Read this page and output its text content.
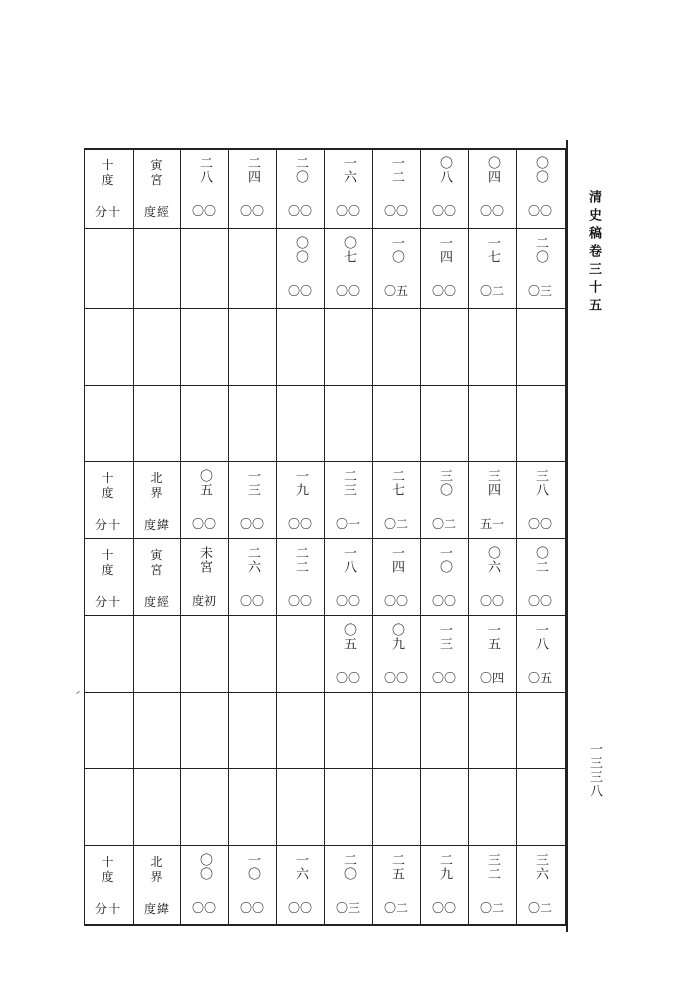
十
度
分十
寅
宮
度經
二八
〇〇
二四
〇〇
二〇
〇〇
一六
〇〇
一二
〇〇
〇八
〇〇
〇四
〇〇
〇〇
〇〇
〇〇
〇〇
〇七
〇〇
一〇
〇五
一四
〇〇
一七
〇二
二〇
〇三
十
度
分十
北
界
度緯
〇五
〇〇
一三
〇〇
一九
〇〇
二三
〇一
二七
〇二
三〇
〇二
三四
五一
三八
〇〇
十
度
分十
寅
宮
度經
未宮
度初
二六
〇〇
二二
〇〇
一八
〇〇
一四
〇〇
一〇
〇〇
〇六
〇〇
〇二
〇〇
〇五
〇〇
〇九
〇〇
一三
〇〇
一五
〇四
一八
〇五
十
度
分十
北
界
度緯
〇〇
〇〇
一〇
〇〇
一六
〇〇
二〇
〇三
二五
〇二
二九
〇〇
三二
〇二
三六
〇二
清史稿卷三十五
一三三八
